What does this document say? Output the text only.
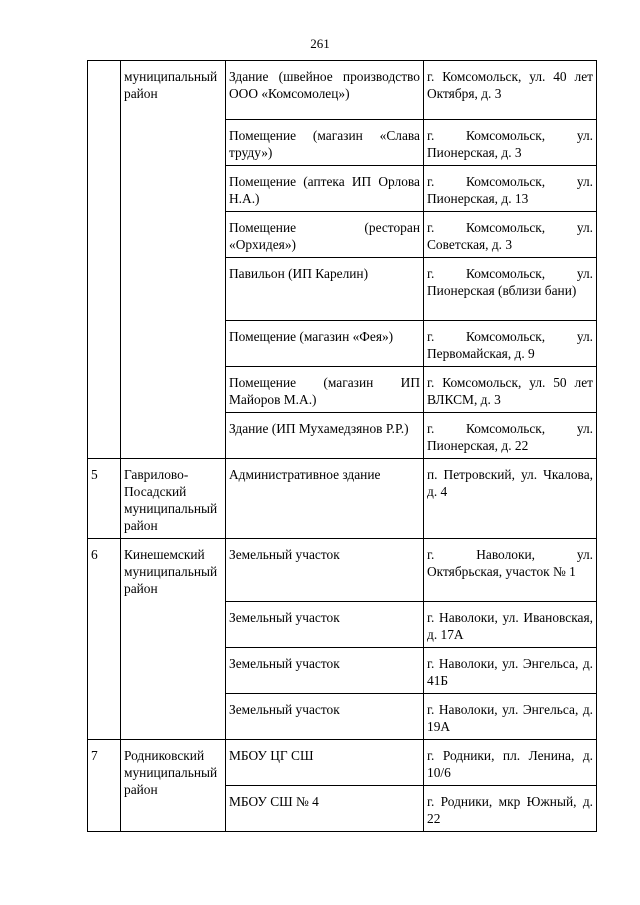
261
	муниципальный район	Здание (швейное производство ООО «Комсомолец»)	г. Комсомольск, ул. 40 лет Октября, д. 3
		Помещение (магазин «Слава труду»)	г. Комсомольск, ул. Пионерская, д. 3
		Помещение (аптека ИП Орлова Н.А.)	г. Комсомольск, ул. Пионерская, д. 13
		Помещение (ресторан «Орхидея»)	г. Комсомольск, ул. Советская, д. 3
		Павильон (ИП Карелин)	г. Комсомольск, ул. Пионерская (вблизи бани)
		Помещение (магазин «Фея»)	г. Комсомольск, ул. Первомайская, д. 9
		Помещение (магазин ИП Майоров М.А.)	г. Комсомольск, ул. 50 лет ВЛКСМ, д. 3
		Здание (ИП Мухамедзянов Р.Р.)	г. Комсомольск, ул. Пионерская, д. 22
5	Гаврилово-Посадский муниципальный район	Административное здание	п. Петровский, ул. Чкалова, д. 4
6	Кинешемский муниципальный район	Земельный участок	г. Наволоки, ул. Октябрьская, участок № 1
		Земельный участок	г. Наволоки, ул. Ивановская, д. 17А
		Земельный участок	г. Наволоки, ул. Энгельса, д. 41Б
		Земельный участок	г. Наволоки, ул. Энгельса, д. 19А
7	Родниковский муниципальный район	МБОУ ЦГ СШ	г. Родники, пл. Ленина, д. 10/6
		МБОУ СШ № 4	г. Родники, мкр Южный, д. 22
